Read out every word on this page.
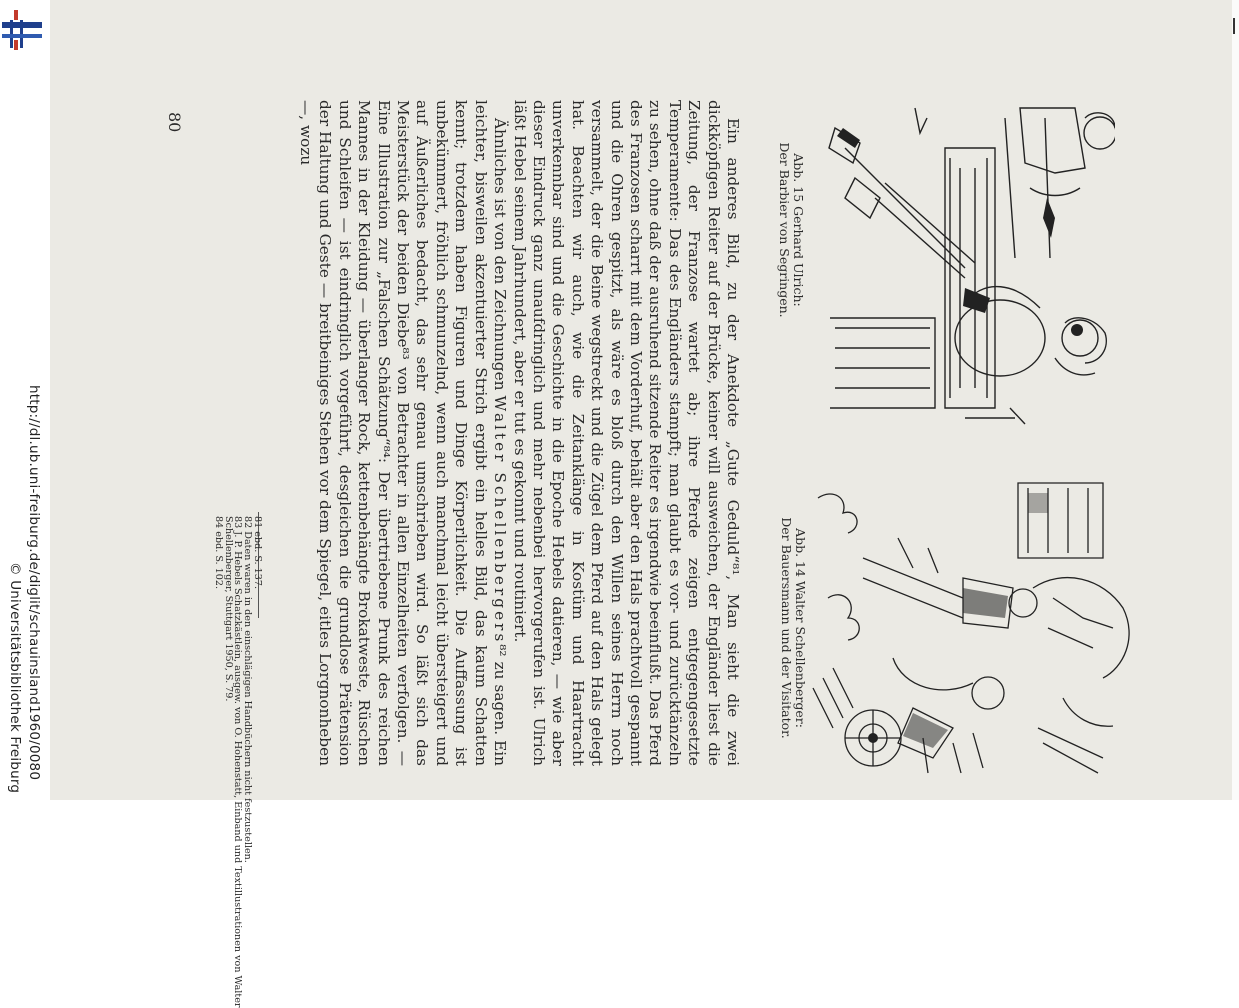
http://dl.ub.uni-freiburg.de/diglit/schauinsland1960/0080
© Universitätsbibliothek Freiburg
Abb. 15 Gerhard Ulrich:
Der Barbier von Segringen.
Abb. 14 Walter Schellenberger:
Der Bauersmann und der Visitator.

Ein anderes Bild, zu der Anekdote „Gute Geduld“⁸¹, Man sieht die zwei dickköpfigen Reiter auf der Brücke, keiner will ausweichen, der Engländer liest die Zeitung, der Franzose wartet ab; ihre Pferde zeigen entgegengesetzte Temperamente: Das des Engländers stampft; man glaubt es vor- und zurücktänzeln zu sehen, ohne daß der ausruhend sitzende Reiter es irgendwie beeinflußt. Das Pferd des Franzosen scharrt mit dem Vorderhuf, behält aber den Hals prachtvoll gespannt und die Ohren gespitzt, als wäre es bloß durch den Willen seines Herrn noch versammelt, der die Beine wegstreckt und die Zügel dem Pferd auf den Hals gelegt hat. Beachten wir auch, wie die Zeitanklänge in Kostüm und Haartracht unverkennbar sind und die Geschichte in die Epoche Hebels datieren, — wie aber dieser Eindruck ganz unaufdringlich und mehr nebenbei hervorgerufen ist. Ulrich läßt Hebel seinem Jahrhundert, aber er tut es gekonnt und routiniert.

Ähnliches ist von den Zeichnungen Walter Schellenbergers⁸² zu sagen. Ein leichter, bisweilen akzentuierter Strich ergibt ein helles Bild, das kaum Schatten kennt; trotzdem haben Figuren und Dinge Körperlichkeit. Die Auffassung ist unbekümmert, fröhlich schmunzelnd, wenn auch manchmal leicht übersteigert und auf Äußerliches bedacht, das sehr genau umschrieben wird. So läßt sich das Meisterstück der beiden Diebe⁸³ von Betrachter in allen Einzelheiten verfolgen. — Eine Illustration zur „Falschen Schätzung“⁸⁴: Der übertriebene Prunk des reichen Mannes in der Kleidung — überlanger Rock, kettenbehängte Brokatweste, Rüschen und Schleifen — ist eindringlich vorgeführt, desgleichen die grundlose Prätension der Haltung und Geste — breitbeiniges Stehen vor dem Spiegel, eitles Lorgnonheben —, wozu

81 ebd. S. 137.
82 Daten waren in den einschlägigen Handbüchern nicht festzustellen.
Schellenberger, Stuttgart 1950, S. 79.
84 ebd. S. 102.
80
